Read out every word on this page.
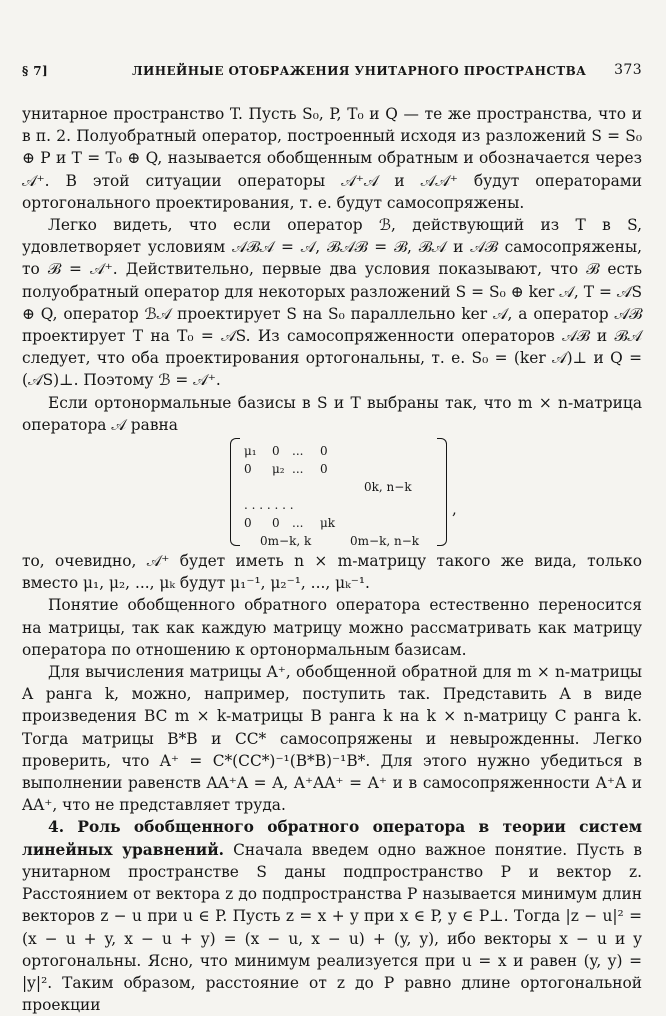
§ 7]	ЛИНЕЙНЫЕ ОТОБРАЖЕНИЯ УНИТАРНОГО ПРОСТРАНСТВА 373

унитарное пространство T. Пусть S₀, P, T₀ и Q — те же пространства, что и в п. 2. Полуобратный оператор, построенный исходя из разложений S = S₀ ⊕ P и T = T₀ ⊕ Q, называется обобщенным обратным и обозначается через 𝒜⁺. В этой ситуации операторы 𝒜⁺𝒜 и 𝒜𝒜⁺ будут операторами ортогонального проектирования, т. е. будут самосопряжены.

Легко видеть, что если оператор ℬ, действующий из T в S, удовлетворяет условиям 𝒜ℬ𝒜 = 𝒜, ℬ𝒜ℬ = ℬ, ℬ𝒜 и 𝒜ℬ самосопряжены, то ℬ = 𝒜⁺. Действительно, первые два условия показывают, что ℬ есть полуобратный оператор для некоторых разложений S = S₀ ⊕ ker 𝒜, T = 𝒜S ⊕ Q, оператор ℬ𝒜 проектирует S на S₀ параллельно ker 𝒜, а оператор 𝒜ℬ проектирует T на T₀ = 𝒜S. Из самосопряженности операторов 𝒜ℬ и ℬ𝒜 следует, что оба проектирования ортогональны, т. е. S₀ = (ker 𝒜)⊥ и Q = (𝒜S)⊥. Поэтому ℬ = 𝒜⁺.

Если ортонормальные базисы в S и T выбраны так, что m × n-матрица оператора 𝒜 равна

μ₁ 0 ... 0
0 μ₂ ... 0
0k, n−k
. . . . . . .
0 0 ... μk
0m−k, k	0m−k, n−k
,

то, очевидно, 𝒜⁺ будет иметь n × m-матрицу такого же вида, только вместо μ₁, μ₂, ..., μₖ будут μ₁⁻¹, μ₂⁻¹, ..., μₖ⁻¹.

Понятие обобщенного обратного оператора естественно переносится на матрицы, так как каждую матрицу можно рассматривать как матрицу оператора по отношению к ортонормальным базисам.

Для вычисления матрицы A⁺, обобщенной обратной для m × n-матрицы A ранга k, можно, например, поступить так. Представить A в виде произведения BC m × k-матрицы B ранга k на k × n-матрицу C ранга k. Тогда матрицы B*B и CC* самосопряжены и невырожденны. Легко проверить, что A⁺ = C*(CC*)⁻¹(B*B)⁻¹B*. Для этого нужно убедиться в выполнении равенств AA⁺A = A, A⁺AA⁺ = A⁺ и в самосопряженности A⁺A и AA⁺, что не представляет труда.

4. Роль обобщенного обратного оператора в теории систем линейных уравнений. Сначала введем одно важное понятие. Пусть в унитарном пространстве S даны подпространство P и вектор z. Расстоянием от вектора z до подпространства P называется минимум длин векторов z − u при u ∈ P. Пусть z = x + y при x ∈ P, y ∈ P⊥. Тогда |z − u|² = (x − u + y, x − u + y) = (x − u, x − u) + (y, y), ибо векторы x − u и y ортогональны. Ясно, что минимум реализуется при u = x и равен (y, y) = |y|². Таким образом, расстояние от z до P равно длине ортогональной проекции
